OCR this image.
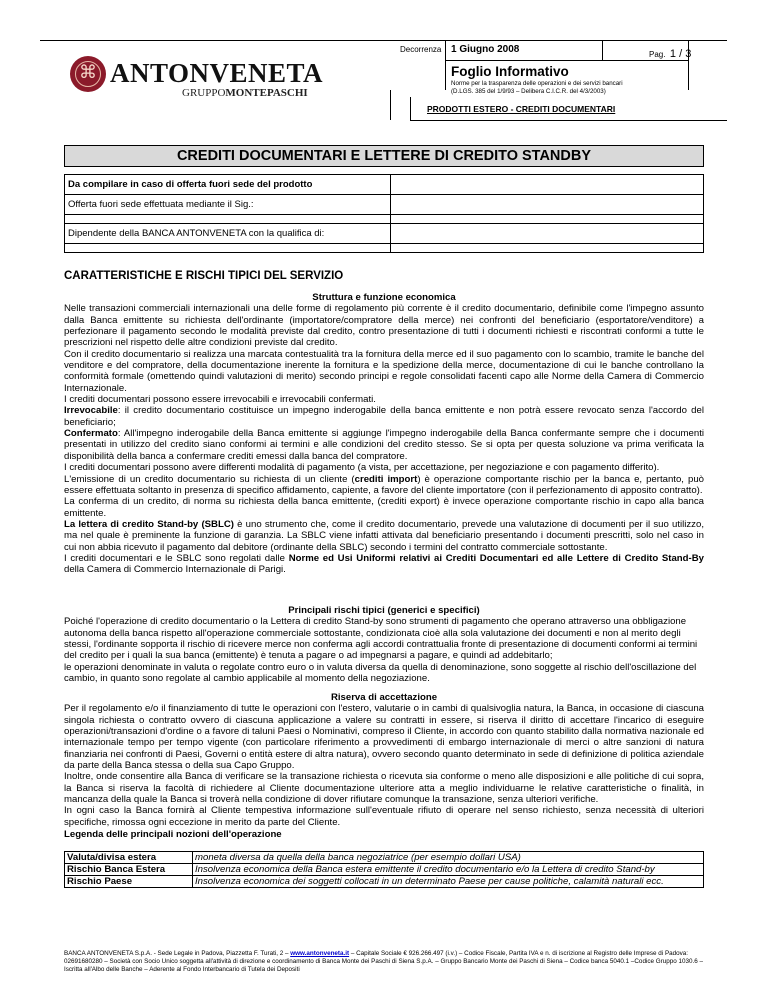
Decorrenza 1 Giugno 2008	Pag. 1 / 3
Foglio Informativo
Norme per la trasparenza delle operazioni e dei servizi bancari
(D.LGS. 385 del 1/9/93 – Delibera C.I.C.R. del 4/3/2003)
PRODOTTI ESTERO - CREDITI DOCUMENTARI
⌘
ANTONVENETA
GRUPPOMONTEPASCHI
CREDITI DOCUMENTARI E LETTERE DI CREDITO STANDBY
Da compilare in caso di offerta fuori sede del prodotto	
Offerta fuori sede effettuata mediante il Sig.:	

Dipendente della BANCA ANTONVENETA con la qualifica di:	

CARATTERISTICHE E RISCHI TIPICI DEL SERVIZIO

Struttura e funzione economica

Nelle transazioni commerciali internazionali una delle forme di regolamento più corrente è il credito documentario, definibile come l'impegno assunto dalla Banca emittente su richiesta dell'ordinante (importatore/compratore della merce) nei confronti del beneficiario (esportatore/venditore) a perfezionare il pagamento secondo le modalità previste dal credito, contro presentazione di tutti i documenti richiesti e riscontrati conformi a tutte le prescrizioni nel rispetto delle altre condizioni previste dal credito.

Con il credito documentario si realizza una marcata contestualità tra la fornitura della merce ed il suo pagamento con lo scambio, tramite le banche del venditore e del compratore, della documentazione inerente la fornitura e la spedizione della merce, documentazione di cui le banche controllano la conformità formale (omettendo quindi valutazioni di merito) secondo principi e regole consolidati facenti capo alle Norme della Camera di Commercio Internazionale.

I crediti documentari possono essere irrevocabili e irrevocabili confermati.

Irrevocabile: il credito documentario costituisce un impegno inderogabile della banca emittente e non potrà essere revocato senza l'accordo del beneficiario;

Confermato: All'impegno inderogabile della Banca emittente si aggiunge l'impegno inderogabile della Banca confermante sempre che i documenti presentati in utilizzo del credito siano conformi ai termini e alle condizioni del credito stesso. Se si opta per questa soluzione va prima verificata la disponibilità della banca a confermare crediti emessi dalla banca del compratore.

I crediti documentari possono avere differenti modalità di pagamento (a vista, per accettazione, per negoziazione e con pagamento differito).

L'emissione di un credito documentario su richiesta di un cliente (crediti import) è operazione comportante rischio per la banca e, pertanto, può essere effettuata soltanto in presenza di specifico affidamento, capiente, a favore del cliente importatore (con il perfezionamento di apposito contratto).

La conferma di un credito, di norma su richiesta della banca emittente, (crediti export) è invece operazione comportante rischio in capo alla banca emittente.

La lettera di credito Stand-by (SBLC) è uno strumento che, come il credito documentario, prevede una valutazione di documenti per il suo utilizzo, ma nel quale è preminente la funzione di garanzia. La SBLC viene infatti attivata dal beneficiario presentando i documenti prescritti, solo nel caso in cui non abbia ricevuto il pagamento dal debitore (ordinante della SBLC) secondo i termini del contratto commerciale sottostante.

I crediti documentari e le SBLC sono regolati dalle Norme ed Usi Uniformi relativi ai Crediti Documentari ed alle Lettere di Credito Stand-By della Camera di Commercio Internazionale di Parigi.

Principali rischi tipici (generici e specifici)

Poiché l'operazione di credito documentario o la Lettera di credito Stand-by sono strumenti di pagamento che operano attraverso una obbligazione autonoma della banca rispetto all'operazione commerciale sottostante, condizionata cioè alla sola valutazione dei documenti e non al merito degli stessi, l'ordinante sopporta il rischio di ricevere merce non conferma agli accordi contrattualia fronte di presentazione di documenti conformi ai termini del credito per i quali la sua banca (emittente) è tenuta a pagare o ad impegnarsi a pagare, e quindi ad addebitarlo;

le operazioni denominate in valuta o regolate contro euro o in valuta diversa da quella di denominazione, sono soggette al rischio dell'oscillazione del cambio, in quanto sono regolate al cambio applicabile al momento della negoziazione.

Riserva di accettazione

Per il regolamento e/o il finanziamento di tutte le operazioni con l'estero, valutarie o in cambi di qualsivoglia natura, la Banca, in occasione di ciascuna singola richiesta o contratto ovvero di ciascuna applicazione a valere su contratti in essere, si riserva il diritto di accettare l'incarico di eseguire operazioni/transazioni d'ordine o a favore di taluni Paesi o Nominativi, compreso il Cliente, in accordo con quanto stabilito dalla normativa nazionale ed internazionale tempo per tempo vigente (con particolare riferimento a provvedimenti di embargo internazionale di merci o altre sanzioni di natura finanziaria nei confronti di Paesi, Governi o entità estere di altra natura), ovvero secondo quanto determinato in sede di definizione di politica aziendale da parte della Banca stessa o della sua Capo Gruppo.

Inoltre, onde consentire alla Banca di verificare se la transazione richiesta o ricevuta sia conforme o meno alle disposizioni e alle politiche di cui sopra, la Banca si riserva la facoltà di richiedere al Cliente documentazione ulteriore atta a meglio individuarne le relative caratteristiche o finalità, in mancanza della quale la Banca si troverà nella condizione di dover rifiutare comunque la transazione, senza ulteriori verifiche.

In ogni caso la Banca fornirà al Cliente tempestiva informazione sull'eventuale rifiuto di operare nel senso richiesto, senza necessità di ulteriori specifiche, rimossa ogni eccezione in merito da parte del Cliente.

Legenda delle principali nozioni dell'operazione
Valuta/divisa estera	moneta diversa da quella della banca negoziatrice (per esempio dollari USA)
Rischio Banca Estera	Insolvenza economica della Banca estera emittente il credito documentario e/o la Lettera di credito Stand-by
Rischio Paese	Insolvenza economica dei soggetti collocati in un determinato Paese per cause politiche, calamità naturali ecc.
BANCA ANTONVENETA S.p.A. - Sede Legale in Padova, Piazzetta F. Turati, 2 – www.antonveneta.it – Capitale Sociale € 926.266.497 (i.v.) – Codice Fiscale, Partita IVA e n. di iscrizione al Registro delle Imprese di Padova: 02691680280 – Società con Socio Unico soggetta all'attività di direzione e coordinamento di Banca Monte dei Paschi di Siena S.p.A. – Gruppo Bancario Monte dei Paschi di Siena – Codice banca 5040.1 –Codice Gruppo 1030.6 – Iscritta all'Albo delle Banche – Aderente al Fondo Interbancario di Tutela dei Depositi
